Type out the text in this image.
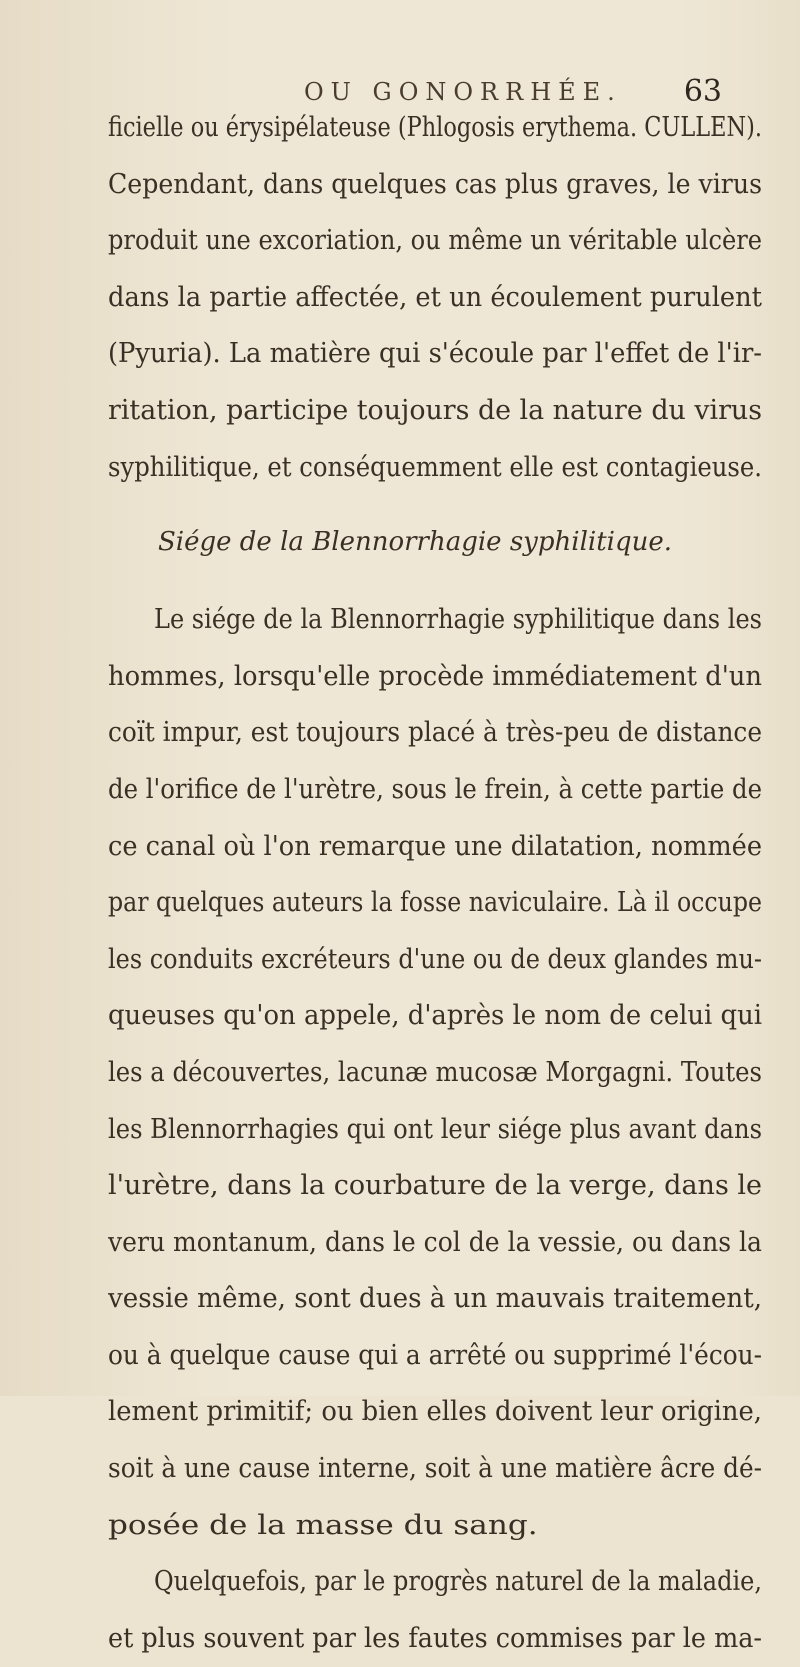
OU GONORRHÉE. 63

ficielle ou érysipélateuse (Phlogosis erythema. CULLEN).
Cependant, dans quelques cas plus graves, le virus
produit une excoriation, ou même un véritable ulcère
dans la partie affectée, et un écoulement purulent
(Pyuria). La matière qui s'écoule par l'effet de l'ir-
ritation, participe toujours de la nature du virus
syphilitique, et conséquemment elle est contagieuse.

Siége de la Blennorrhagie syphilitique.

Le siége de la Blennorrhagie syphilitique dans les
hommes, lorsqu'elle procède immédiatement d'un
coït impur, est toujours placé à très-peu de distance
de l'orifice de l'urètre, sous le frein, à cette partie de
ce canal où l'on remarque une dilatation, nommée
par quelques auteurs la fosse naviculaire. Là il occupe
les conduits excréteurs d'une ou de deux glandes mu-
queuses qu'on appele, d'après le nom de celui qui
les a découvertes, lacunæ mucosæ Morgagni. Toutes
les Blennorrhagies qui ont leur siége plus avant dans
l'urètre, dans la courbature de la verge, dans le
veru montanum, dans le col de la vessie, ou dans la
vessie même, sont dues à un mauvais traitement,
ou à quelque cause qui a arrêté ou supprimé l'écou-
lement primitif; ou bien elles doivent leur origine,
soit à une cause interne, soit à une matière âcre dé-
posée de la masse du sang.

Quelquefois, par le progrès naturel de la maladie,
et plus souvent par les fautes commises par le ma-
